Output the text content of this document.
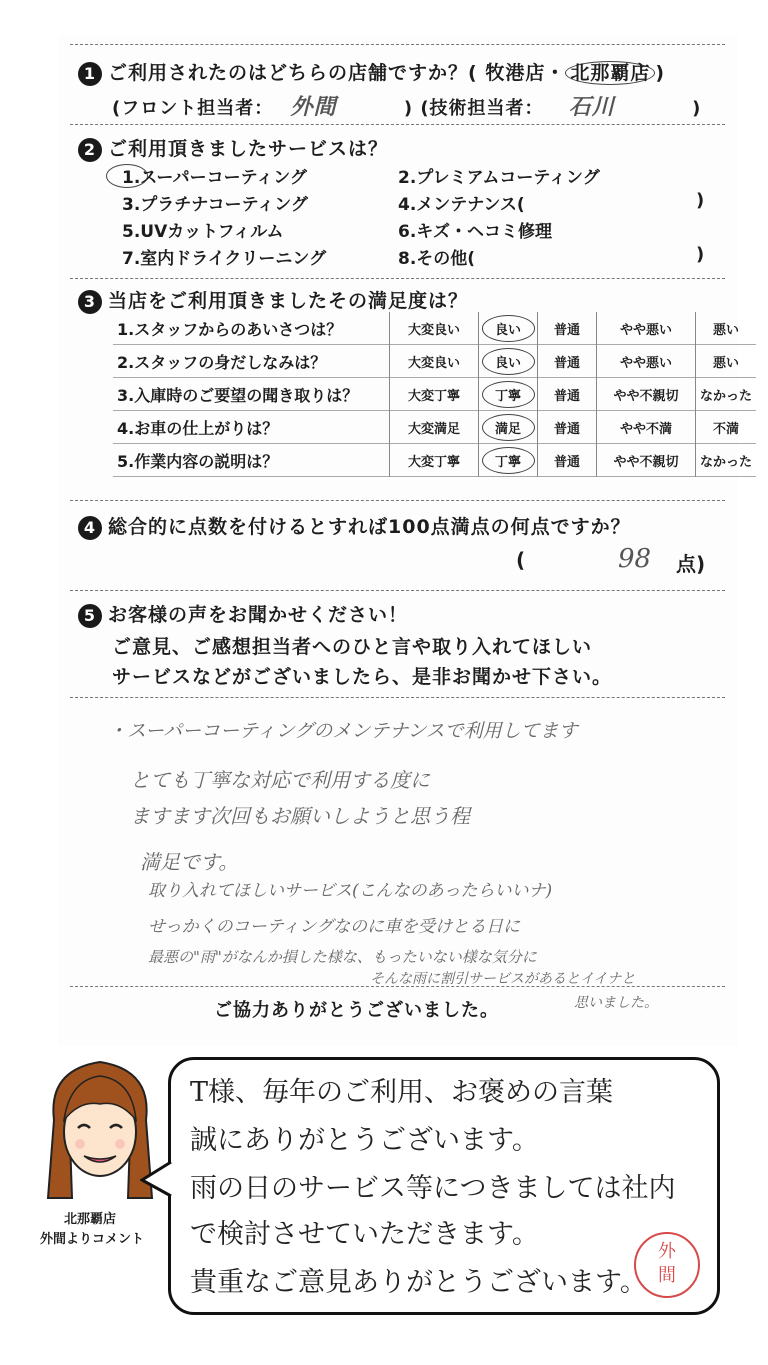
1 ご利用されたのはどちらの店舗ですか？( 牧港店・ 北那覇店 )
(フロント担当者： 外間	) (技術担当者： 石川	)
2 ご利用頂きましたサービスは？
1.スーパーコーティング	2.プレミアムコーティング
3.プラチナコーティング	4.メンテナンス(	)
5.UVカットフィルム	6.キズ・ヘコミ修理
7.室内ドライクリーニング	8.その他(	)
3 当店をご利用頂きましたその満足度は？
1.スタッフからのあいさつは？	大変良い	良い	普通	やや悪い	悪い
2.スタッフの身だしなみは？	大変良い	良い	普通	やや悪い	悪い
3.入庫時のご要望の聞き取りは？	大変丁寧	丁寧	普通	やや不親切	なかった
4.お車の仕上がりは？	大変満足	満足	普通	やや不満	不満
5.作業内容の説明は？	大変丁寧	丁寧	普通	やや不親切	なかった
4 総合的に点数を付けるとすれば100点満点の何点ですか？
(	98 点)
5 お客様の声をお聞かせください！
ご意見、ご感想担当者へのひと言や取り入れてほしい
サービスなどがございましたら、是非お聞かせ下さい。
・スーパーコーティングのメンテナンスで利用してます
とても丁寧な対応で利用する度に
ますます次回もお願いしようと思う程
満足です。
取り入れてほしいサービス(こんなのあったらいいナ)
せっかくのコーティングなのに車を受けとる日に
最悪の"雨"がなんか損した様な、もったいない様な気分に
そんな雨に割引サービスがあるとイイナと
ご協力ありがとうございました。	思いました。
北那覇店
外間よりコメント
T様、毎年のご利用、お褒めの言葉
誠にありがとうございます。
雨の日のサービス等につきましては社内
で検討させていただきます。
貴重なご意見ありがとうございます。
外
間
